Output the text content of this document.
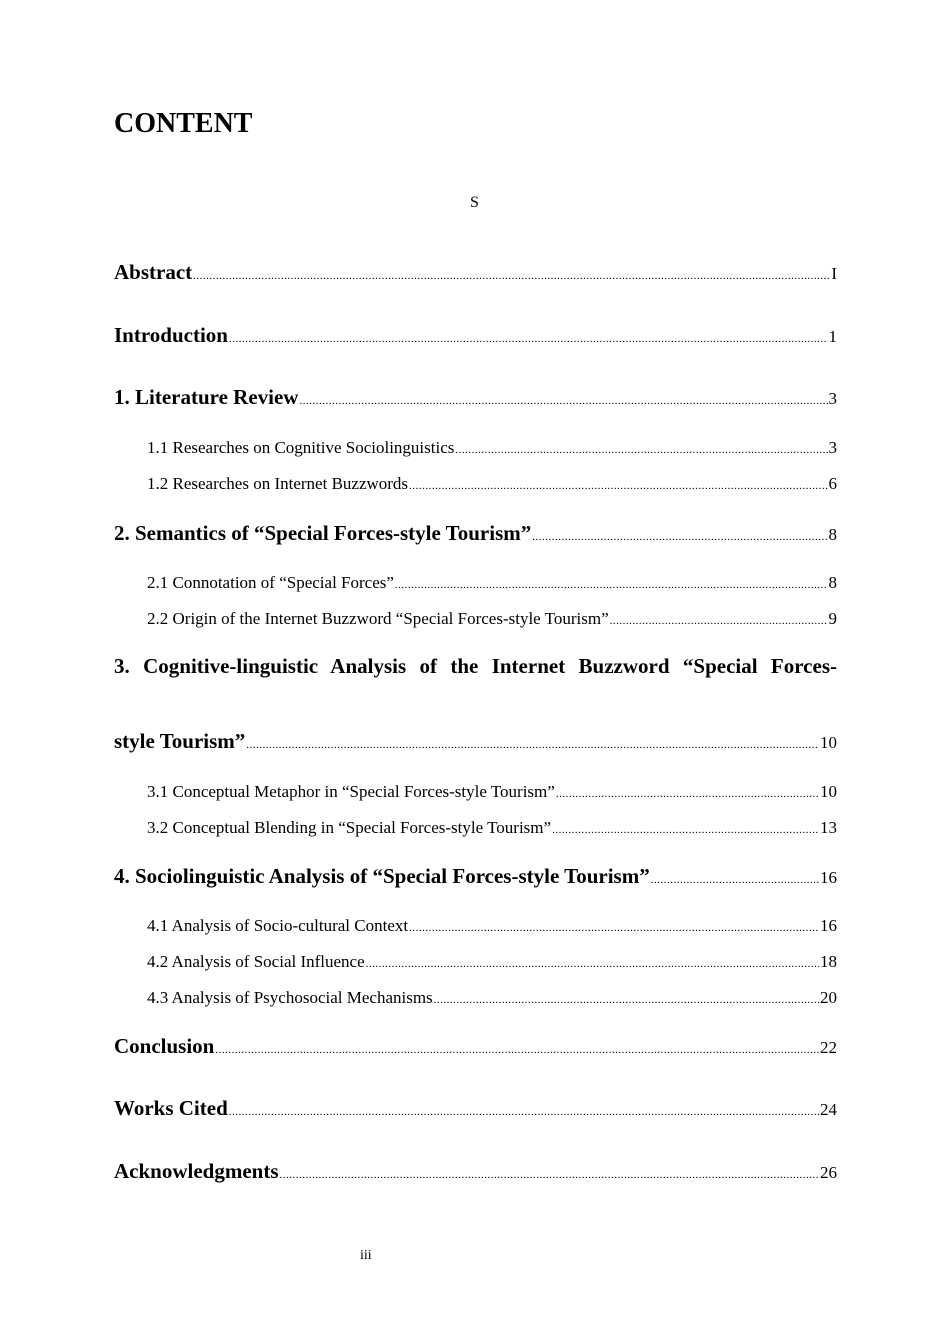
CONTENT
S
Abstract .....	I
Introduction .....	1
1. Literature Review .....	3
1.1 Researches on Cognitive Sociolinguistics .....	3
1.2 Researches on Internet Buzzwords .....	6
2. Semantics of “Special Forces-style Tourism” .....	8
2.1 Connotation of “Special Forces” .....	8
2.2 Origin of the Internet Buzzword “Special Forces-style Tourism” .....	9
3. Cognitive-linguistic Analysis of the Internet Buzzword “Special Forces-
style Tourism” .....	10
3.1 Conceptual Metaphor in “Special Forces-style Tourism” .....	10
3.2 Conceptual Blending in “Special Forces-style Tourism” .....	13
4. Sociolinguistic Analysis of “Special Forces-style Tourism” .....	16
4.1 Analysis of Socio-cultural Context .....	16
4.2 Analysis of Social Influence .....	18
4.3 Analysis of Psychosocial Mechanisms .....	20
Conclusion .....	22
Works Cited .....	24
Acknowledgments .....	26
iii
